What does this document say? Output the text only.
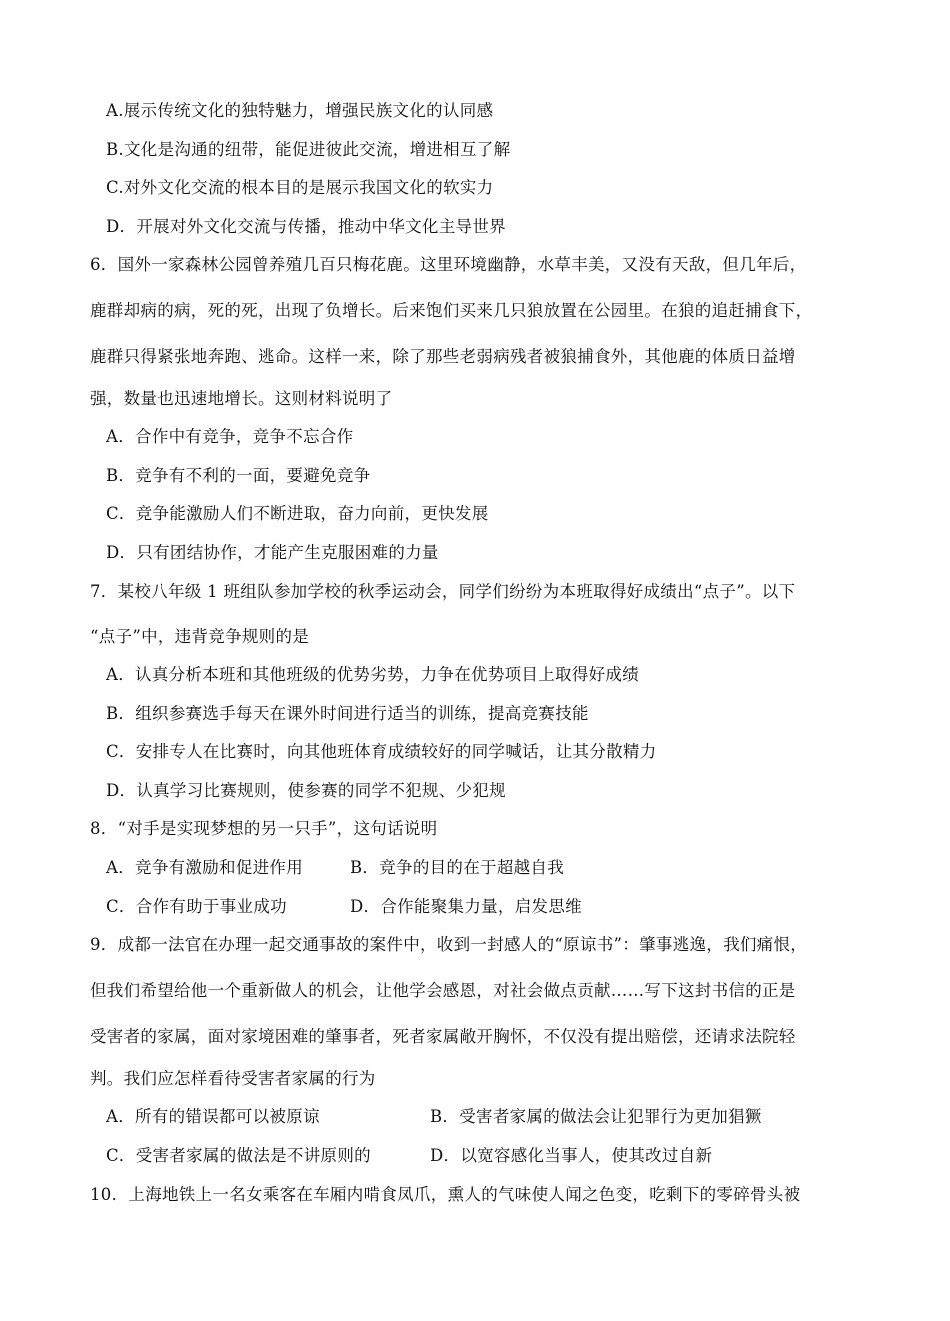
A.展示传统文化的独特魅力，增强民族文化的认同感
B.文化是沟通的纽带，能促进彼此交流，增进相互了解
C.对外文化交流的根本目的是展示我国文化的软实力
D．开展对外文化交流与传播，推动中华文化主导世界
6．国外一家森林公园曾养殖几百只梅花鹿。这里环境幽静，水草丰美，又没有天敌，但几年后，
鹿群却病的病，死的死，出现了负增长。后来饱们买来几只狼放置在公园里。在狼的追赶捕食下，
鹿群只得紧张地奔跑、逃命。这样一来，除了那些老弱病残者被狼捕食外，其他鹿的体质日益增
强，数量也迅速地增长。这则材料说明了
A．合作中有竞争，竞争不忘合作
B．竞争有不利的一面，要避免竞争
C．竞争能激励人们不断进取，奋力向前，更快发展
D．只有团结协作，才能产生克服困难的力量
7．某校八年级 1 班组队参加学校的秋季运动会，同学们纷纷为本班取得好成绩出“点子”。以下
“点子”中，违背竞争规则的是
A．认真分析本班和其他班级的优势劣势，力争在优势项目上取得好成绩
B．组织参赛选手每天在课外时间进行适当的训练，提高竞赛技能
C．安排专人在比赛时，向其他班体育成绩较好的同学喊话，让其分散精力
D．认真学习比赛规则，使参赛的同学不犯规、少犯规
8．“对手是实现梦想的另一只手”，这句话说明
A．竞争有激励和促进作用	B．竞争的目的在于超越自我
C．合作有助于事业成功	D．合作能聚集力量，启发思维
9．成都一法官在办理一起交通事故的案件中，收到一封感人的“原谅书”：肇事逃逸，我们痛恨，
但我们希望给他一个重新做人的机会，让他学会感恩，对社会做点贡献……写下这封书信的正是
受害者的家属，面对家境困难的肇事者，死者家属敞开胸怀，不仅没有提出赔偿，还请求法院轻
判。我们应怎样看待受害者家属的行为
A．所有的错误都可以被原谅	B．受害者家属的做法会让犯罪行为更加猖獗
C．受害者家属的做法是不讲原则的	D．以宽容感化当事人，使其改过自新
10．上海地铁上一名女乘客在车厢内啃食凤爪，熏人的气味使人闻之色变，吃剩下的零碎骨头被
